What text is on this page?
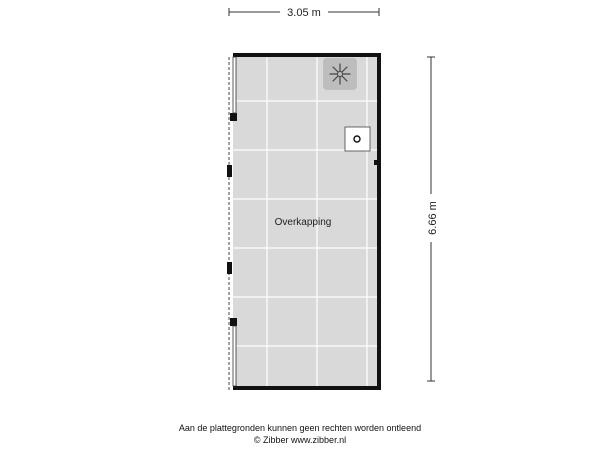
3.05 m
6.66 m
Overkapping
Aan de plattegronden kunnen geen rechten worden ontleend
© Zibber www.zibber.nl
